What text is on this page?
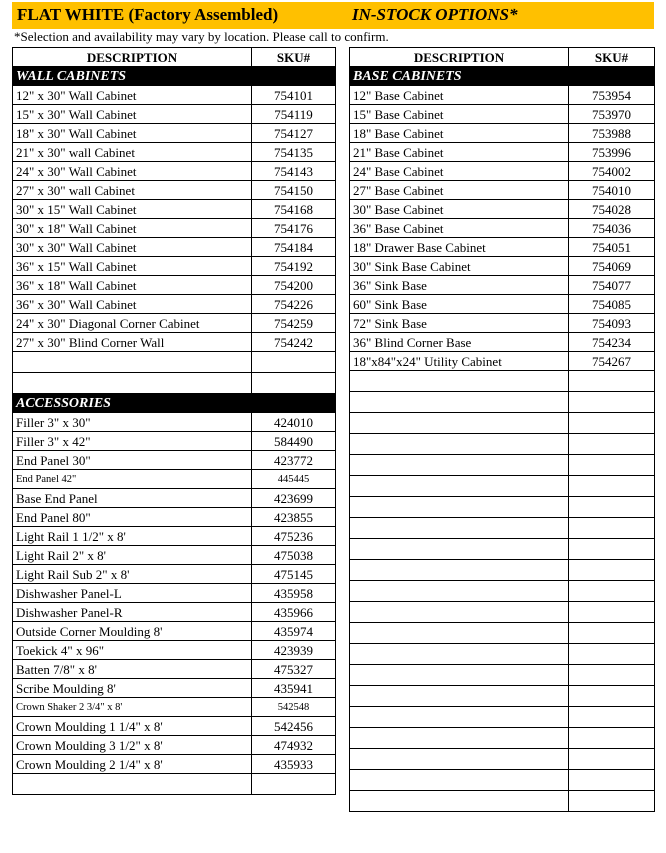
FLAT WHITE (Factory Assembled)	IN-STOCK OPTIONS*
*Selection and availability may vary by location. Please call to confirm.
DESCRIPTION	SKU#
WALL CABINETS	
12" x 30" Wall Cabinet	754101
15" x 30" Wall Cabinet	754119
18" x 30" Wall Cabinet	754127
21" x 30" wall Cabinet	754135
24" x 30" Wall Cabinet	754143
27" x 30" wall Cabinet	754150
30" x 15" Wall Cabinet	754168
30" x 18" Wall Cabinet	754176
30" x 30" Wall Cabinet	754184
36" x 15" Wall Cabinet	754192
36" x 18" Wall Cabinet	754200
36" x 30" Wall Cabinet	754226
24" x 30" Diagonal Corner Cabinet	754259
27" x 30" Blind Corner Wall	754242

ACCESSORIES	
Filler 3" x 30"	424010
Filler 3" x 42"	584490
End Panel 30"	423772
End Panel 42"	445445
Base End Panel	423699
End Panel 80"	423855
Light Rail 1 1/2" x 8'	475236
Light Rail 2" x 8'	475038
Light Rail Sub 2" x 8'	475145
Dishwasher Panel-L	435958
Dishwasher Panel-R	435966
Outside Corner Moulding 8'	435974
Toekick 4" x 96"	423939
Batten 7/8" x 8'	475327
Scribe Moulding 8'	435941
Crown Shaker 2 3/4" x 8'	542548
Crown Moulding 1 1/4" x 8'	542456
Crown Moulding 3 1/2" x 8'	474932
Crown Moulding 2 1/4" x 8'	435933

DESCRIPTION	SKU#
BASE CABINETS	
12" Base Cabinet	753954
15" Base Cabinet	753970
18" Base Cabinet	753988
21" Base Cabinet	753996
24" Base Cabinet	754002
27" Base Cabinet	754010
30" Base Cabinet	754028
36" Base Cabinet	754036
18" Drawer Base Cabinet	754051
30" Sink Base Cabinet	754069
36" Sink Base	754077
60" Sink Base	754085
72" Sink Base	754093
36" Blind Corner Base	754234
18"x84"x24" Utility Cabinet	754267
